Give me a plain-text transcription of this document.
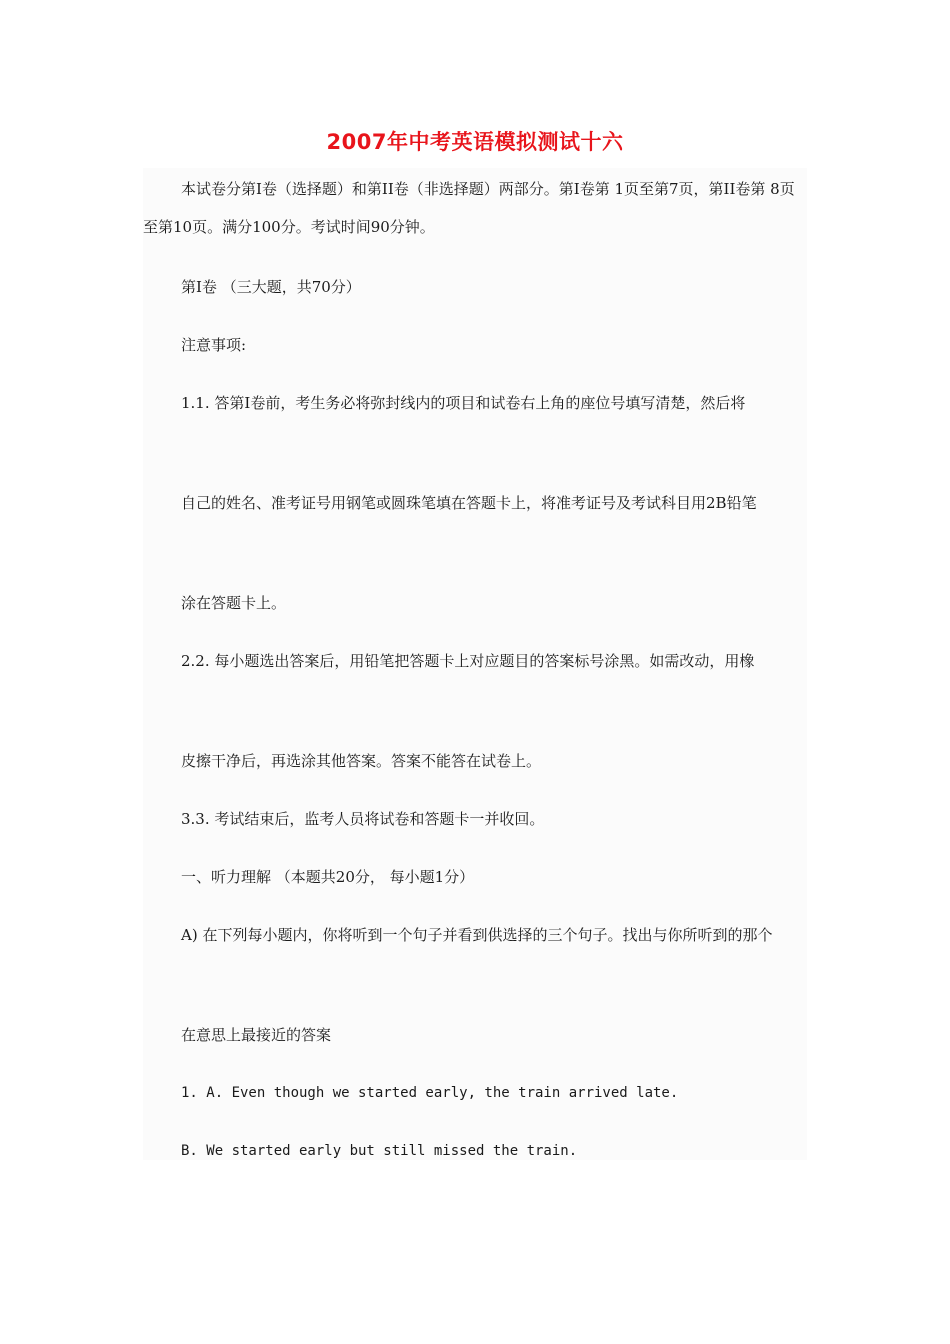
2007年中考英语模拟测试十六

本试卷分第Ⅰ卷（选择题）和第II卷（非选择题）两部分。第Ⅰ卷第 1页至第7页，第II卷第 8页至第10页。满分100分。考试时间90分钟。

第Ⅰ卷 （三大题，共70分）

注意事项:

1.1. 答第Ⅰ卷前，考生务必将弥封线内的项目和试卷右上角的座位号填写清楚，然后将

自己的姓名、准考证号用钢笔或圆珠笔填在答题卡上，将准考证号及考试科目用2B铅笔

涂在答题卡上。

2.2. 每小题选出答案后，用铅笔把答题卡上对应题目的答案标号涂黑。如需改动，用橡

皮擦干净后，再选涂其他答案。答案不能答在试卷上。

3.3. 考试结束后，监考人员将试卷和答题卡一并收回。

一、听力理解 （本题共20分， 每小题1分）

A) 在下列每小题内，你将听到一个句子并看到供选择的三个句子。找出与你所听到的那个

在意思上最接近的答案

1. A. Even though we started early, the train arrived late.

B. We started early but still missed the train.
